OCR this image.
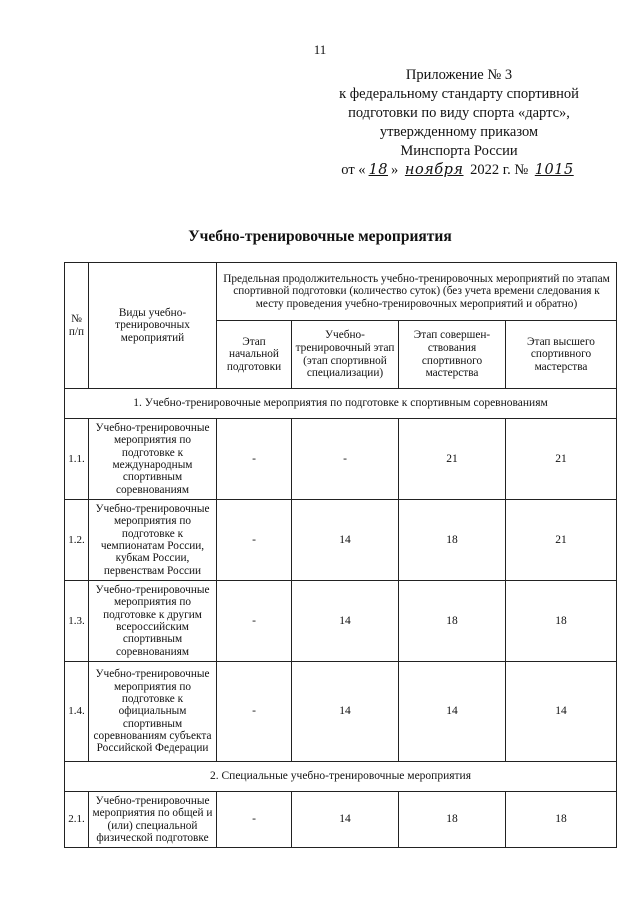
11
Приложение № 3
к федеральному стандарту спортивной
подготовки по виду спорта «дартс»,
утвержденному приказом
Минспорта России
от « 18 » ноября 2022 г. № 1015
Учебно-тренировочные мероприятия
№ п/п	Виды учебно-тренировочных мероприятий	Предельная продолжительность учебно-тренировочных мероприятий по этапам спортивной подготовки (количество суток) (без учета времени следования к месту проведения учебно-тренировочных мероприятий и обратно)			
		Этап начальной подготовки	Учебно-тренировочный этап (этап спортивной специализации)	Этап совершен-ствования спортивного мастерства	Этап высшего спортивного мастерства
1. Учебно-тренировочные мероприятия по подготовке к спортивным соревнованиям					
1.1.	Учебно-тренировочные мероприятия по подготовке к международным спортивным соревнованиям	-	-	21	21
1.2.	Учебно-тренировочные мероприятия по подготовке к чемпионатам России, кубкам России, первенствам России	-	14	18	21
1.3.	Учебно-тренировочные мероприятия по подготовке к другим всероссийским спортивным соревнованиям	-	14	18	18
1.4.	Учебно-тренировочные мероприятия по подготовке к официальным спортивным соревнованиям субъекта Российской Федерации	-	14	14	14
2. Специальные учебно-тренировочные мероприятия					
2.1.	Учебно-тренировочные мероприятия по общей и (или) специальной физической подготовке	-	14	18	18
